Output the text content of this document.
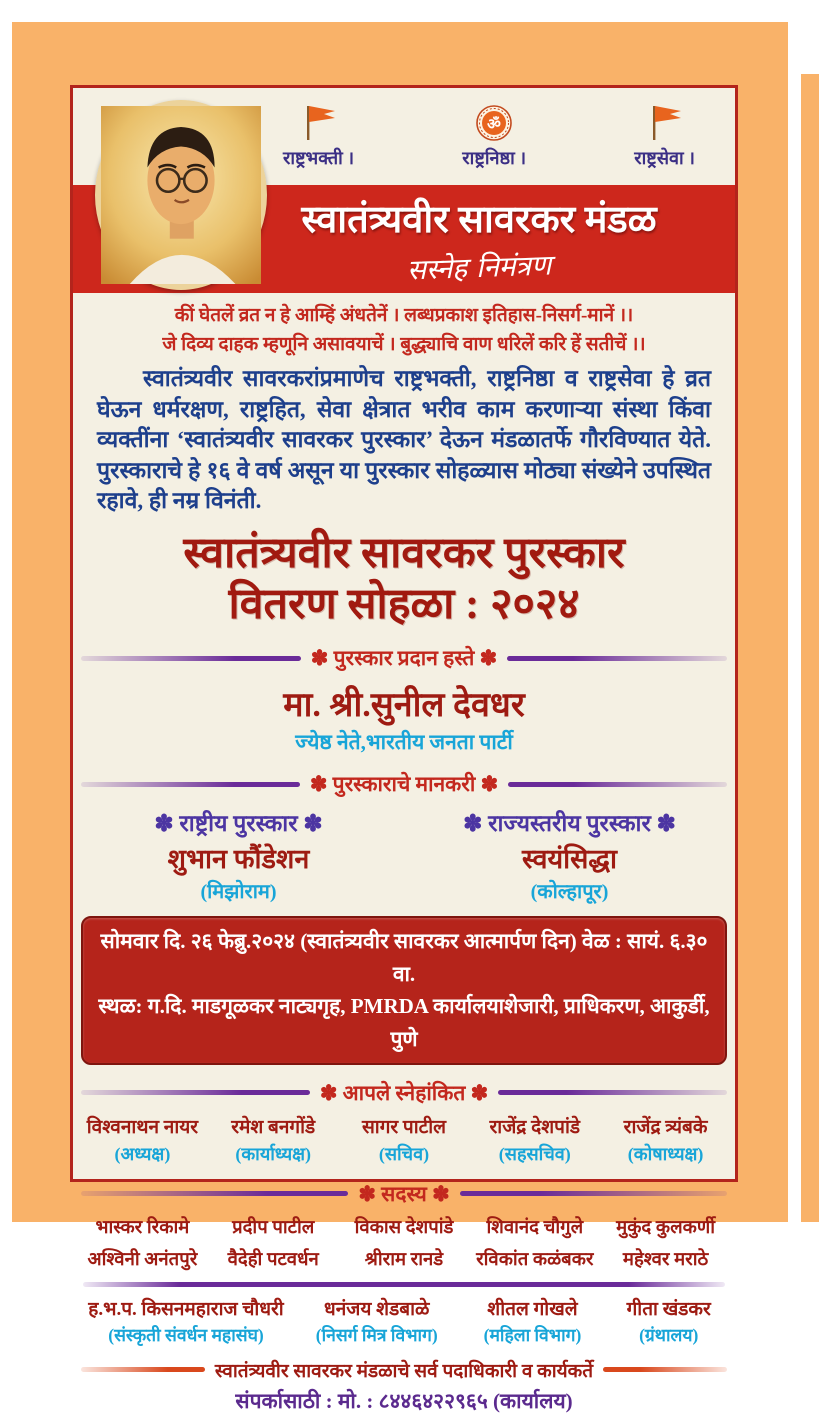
राष्ट्रभक्ती ।
ॐ
राष्ट्रनिष्ठा ।	राष्ट्रसेवा ।
स्वातंत्र्यवीर सावरकर मंडळ
सस्नेह निमंत्रण
कीं घेतलें व्रत न हे आम्हिं अंधतेनें । लब्धप्रकाश इतिहास-निसर्ग-मानें ।।
जे दिव्य दाहक म्हणूनि असावयाचें । बुद्ध्याचि वाण धरिलें करि हें सतीचें ।।
स्वातंत्र्यवीर सावरकरांप्रमाणेच राष्ट्रभक्ती, राष्ट्रनिष्ठा व राष्ट्रसेवा हे व्रत घेऊन धर्मरक्षण, राष्ट्रहित, सेवा क्षेत्रात भरीव काम करणाऱ्या संस्था किंवा व्यक्तींना ‘स्वातंत्र्यवीर सावरकर पुरस्कार’ देऊन मंडळातर्फे गौरविण्यात येते. पुरस्काराचे हे १६ वे वर्ष असून या पुरस्कार सोहळ्यास मोठ्या संख्येने उपस्थित रहावे, ही नम्र विनंती.
स्वातंत्र्यवीर सावरकर पुरस्कार
वितरण सोहळा : २०२४
✽ पुरस्कार प्रदान हस्ते ✽
मा. श्री.सुनील देवधर
ज्येष्ठ नेते,भारतीय जनता पार्टी
✽ पुरस्काराचे मानकरी ✽
✽ राष्ट्रीय पुरस्कार ✽
शुभान फौंडेशन
(मिझोराम)
✽ राज्यस्तरीय पुरस्कार ✽
स्वयंसिद्धा
(कोल्हापूर)
सोमवार दि. २६ फेब्रु.२०२४ (स्वातंत्र्यवीर सावरकर आत्मार्पण दिन) वेळ : सायं. ६.३० वा.
स्थळ: ग.दि. माडगूळकर नाट्यगृह, PMRDA कार्यालयाशेजारी, प्राधिकरण, आकुर्डी, पुणे
✽ आपले स्नेहांकित ✽
विश्वनाथन नायर
(अध्यक्ष)
रमेश बनगोंडे
(कार्याध्यक्ष)
सागर पाटील
(सचिव)
राजेंद्र देशपांडे
(सहसचिव)
राजेंद्र त्र्यंबके
(कोषाध्यक्ष)
✽ सदस्य ✽
भास्कर रिकामे	प्रदीप पाटील	विकास देशपांडे	शिवानंद चौगुले	मुकुंद कुलकर्णी
अश्विनी अनंतपुरे	वैदेही पटवर्धन	श्रीराम रानडे	रविकांत कळंबकर	महेश्वर मराठे
ह.भ.प. किसनमहाराज चौधरी
(संस्कृती संवर्धन महासंघ)
धनंजय शेडबाळे
(निसर्ग मित्र विभाग)
शीतल गोखले
(महिला विभाग)
गीता खंडकर
(ग्रंथालय)
स्वातंत्र्यवीर सावरकर मंडळाचे सर्व पदाधिकारी व कार्यकर्ते
संपर्कासाठी : मो. : ८४४६४२२९६५ (कार्यालय)
